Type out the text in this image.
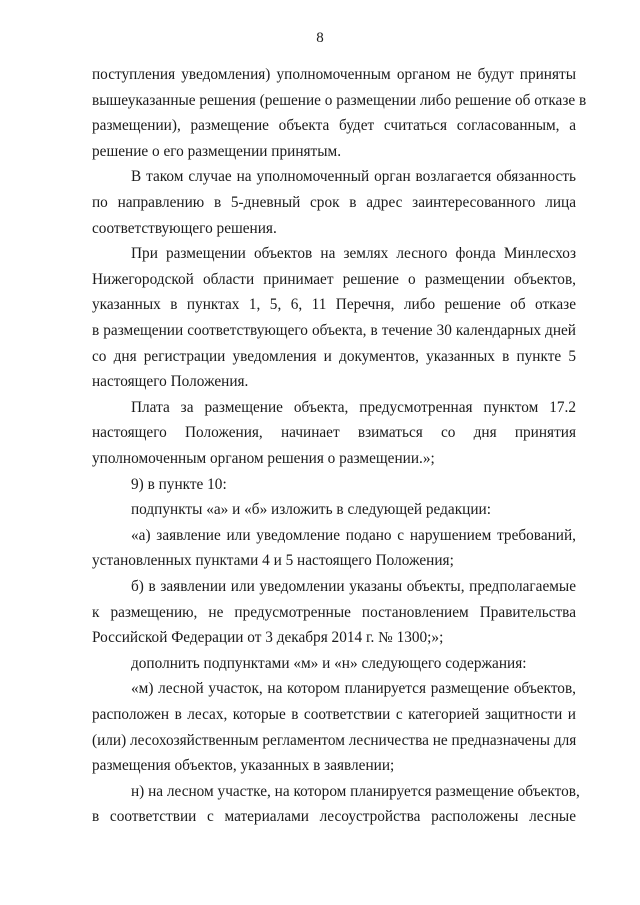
8
поступления уведомления) уполномоченным органом не будут приняты
вышеуказанные решения (решение о размещении либо решение об отказе в
размещении), размещение объекта будет считаться согласованным, а
решение о его размещении принятым.
В таком случае на уполномоченный орган возлагается обязанность
по направлению в 5-дневный срок в адрес заинтересованного лица
соответствующего решения.
При размещении объектов на землях лесного фонда Минлесхоз
Нижегородской области принимает решение о размещении объектов,
указанных в пунктах 1, 5, 6, 11 Перечня, либо решение об отказе
в размещении соответствующего объекта, в течение 30 календарных дней
со дня регистрации уведомления и документов, указанных в пункте 5
настоящего Положения.
Плата за размещение объекта, предусмотренная пунктом 17.2
настоящего Положения, начинает взиматься со дня принятия
уполномоченным органом решения о размещении.»;
9) в пункте 10:
подпункты «а» и «б» изложить в следующей редакции:
«а) заявление или уведомление подано с нарушением требований,
установленных пунктами 4 и 5 настоящего Положения;
б) в заявлении или уведомлении указаны объекты, предполагаемые
к размещению, не предусмотренные постановлением Правительства
Российской Федерации от 3 декабря 2014 г. № 1300;»;
дополнить подпунктами «м» и «н» следующего содержания:
«м) лесной участок, на котором планируется размещение объектов,
расположен в лесах, которые в соответствии с категорией защитности и
(или) лесохозяйственным регламентом лесничества не предназначены для
размещения объектов, указанных в заявлении;
н) на лесном участке, на котором планируется размещение объектов,
в соответствии с материалами лесоустройства расположены лесные
